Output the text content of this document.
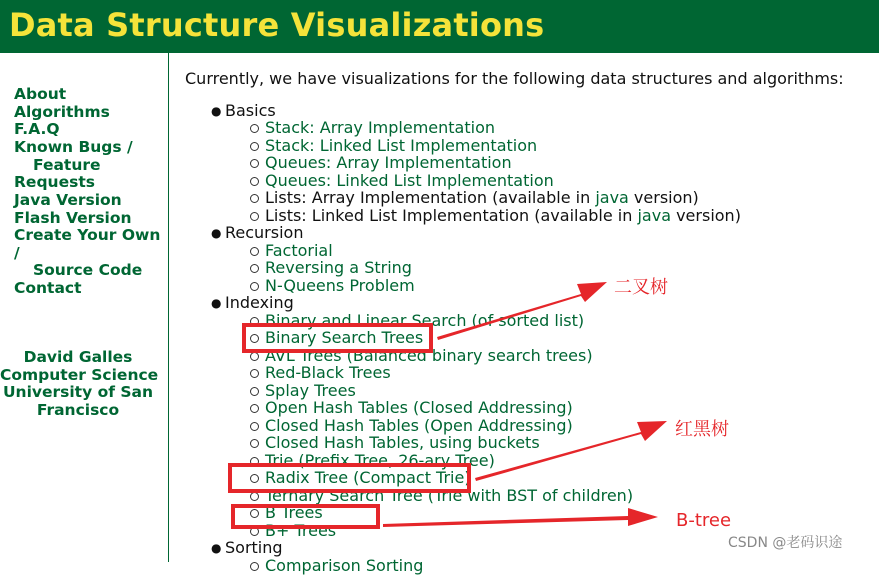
Data Structure Visualizations
About
Algorithms
F.A.Q
Known Bugs /
Feature
Requests
Java Version
Flash Version
Create Your Own
/
Source Code
Contact
David Galles
Computer Science
University of San
Francisco
Currently, we have visualizations for the following data structures and algorithms:
● Basics
Stack: Array Implementation
Stack: Linked List Implementation
Queues: Array Implementation
Queues: Linked List Implementation
Lists: Array Implementation (available in java version)
Lists: Linked List Implementation (available in java version)
● Recursion
Factorial
Reversing a String
N-Queens Problem
● Indexing
Binary and Linear Search (of sorted list)
Binary Search Trees
AVL Trees (Balanced binary search trees)
Red-Black Trees
Splay Trees
Open Hash Tables (Closed Addressing)
Closed Hash Tables (Open Addressing)
Closed Hash Tables, using buckets
Trie (Prefix Tree, 26-ary Tree)
Radix Tree (Compact Trie)
Ternary Search Tree (Trie with BST of children)
B Trees
B+ Trees
● Sorting
Comparison Sorting
二叉树
红黑树
B-tree
CSDN @老码识途
